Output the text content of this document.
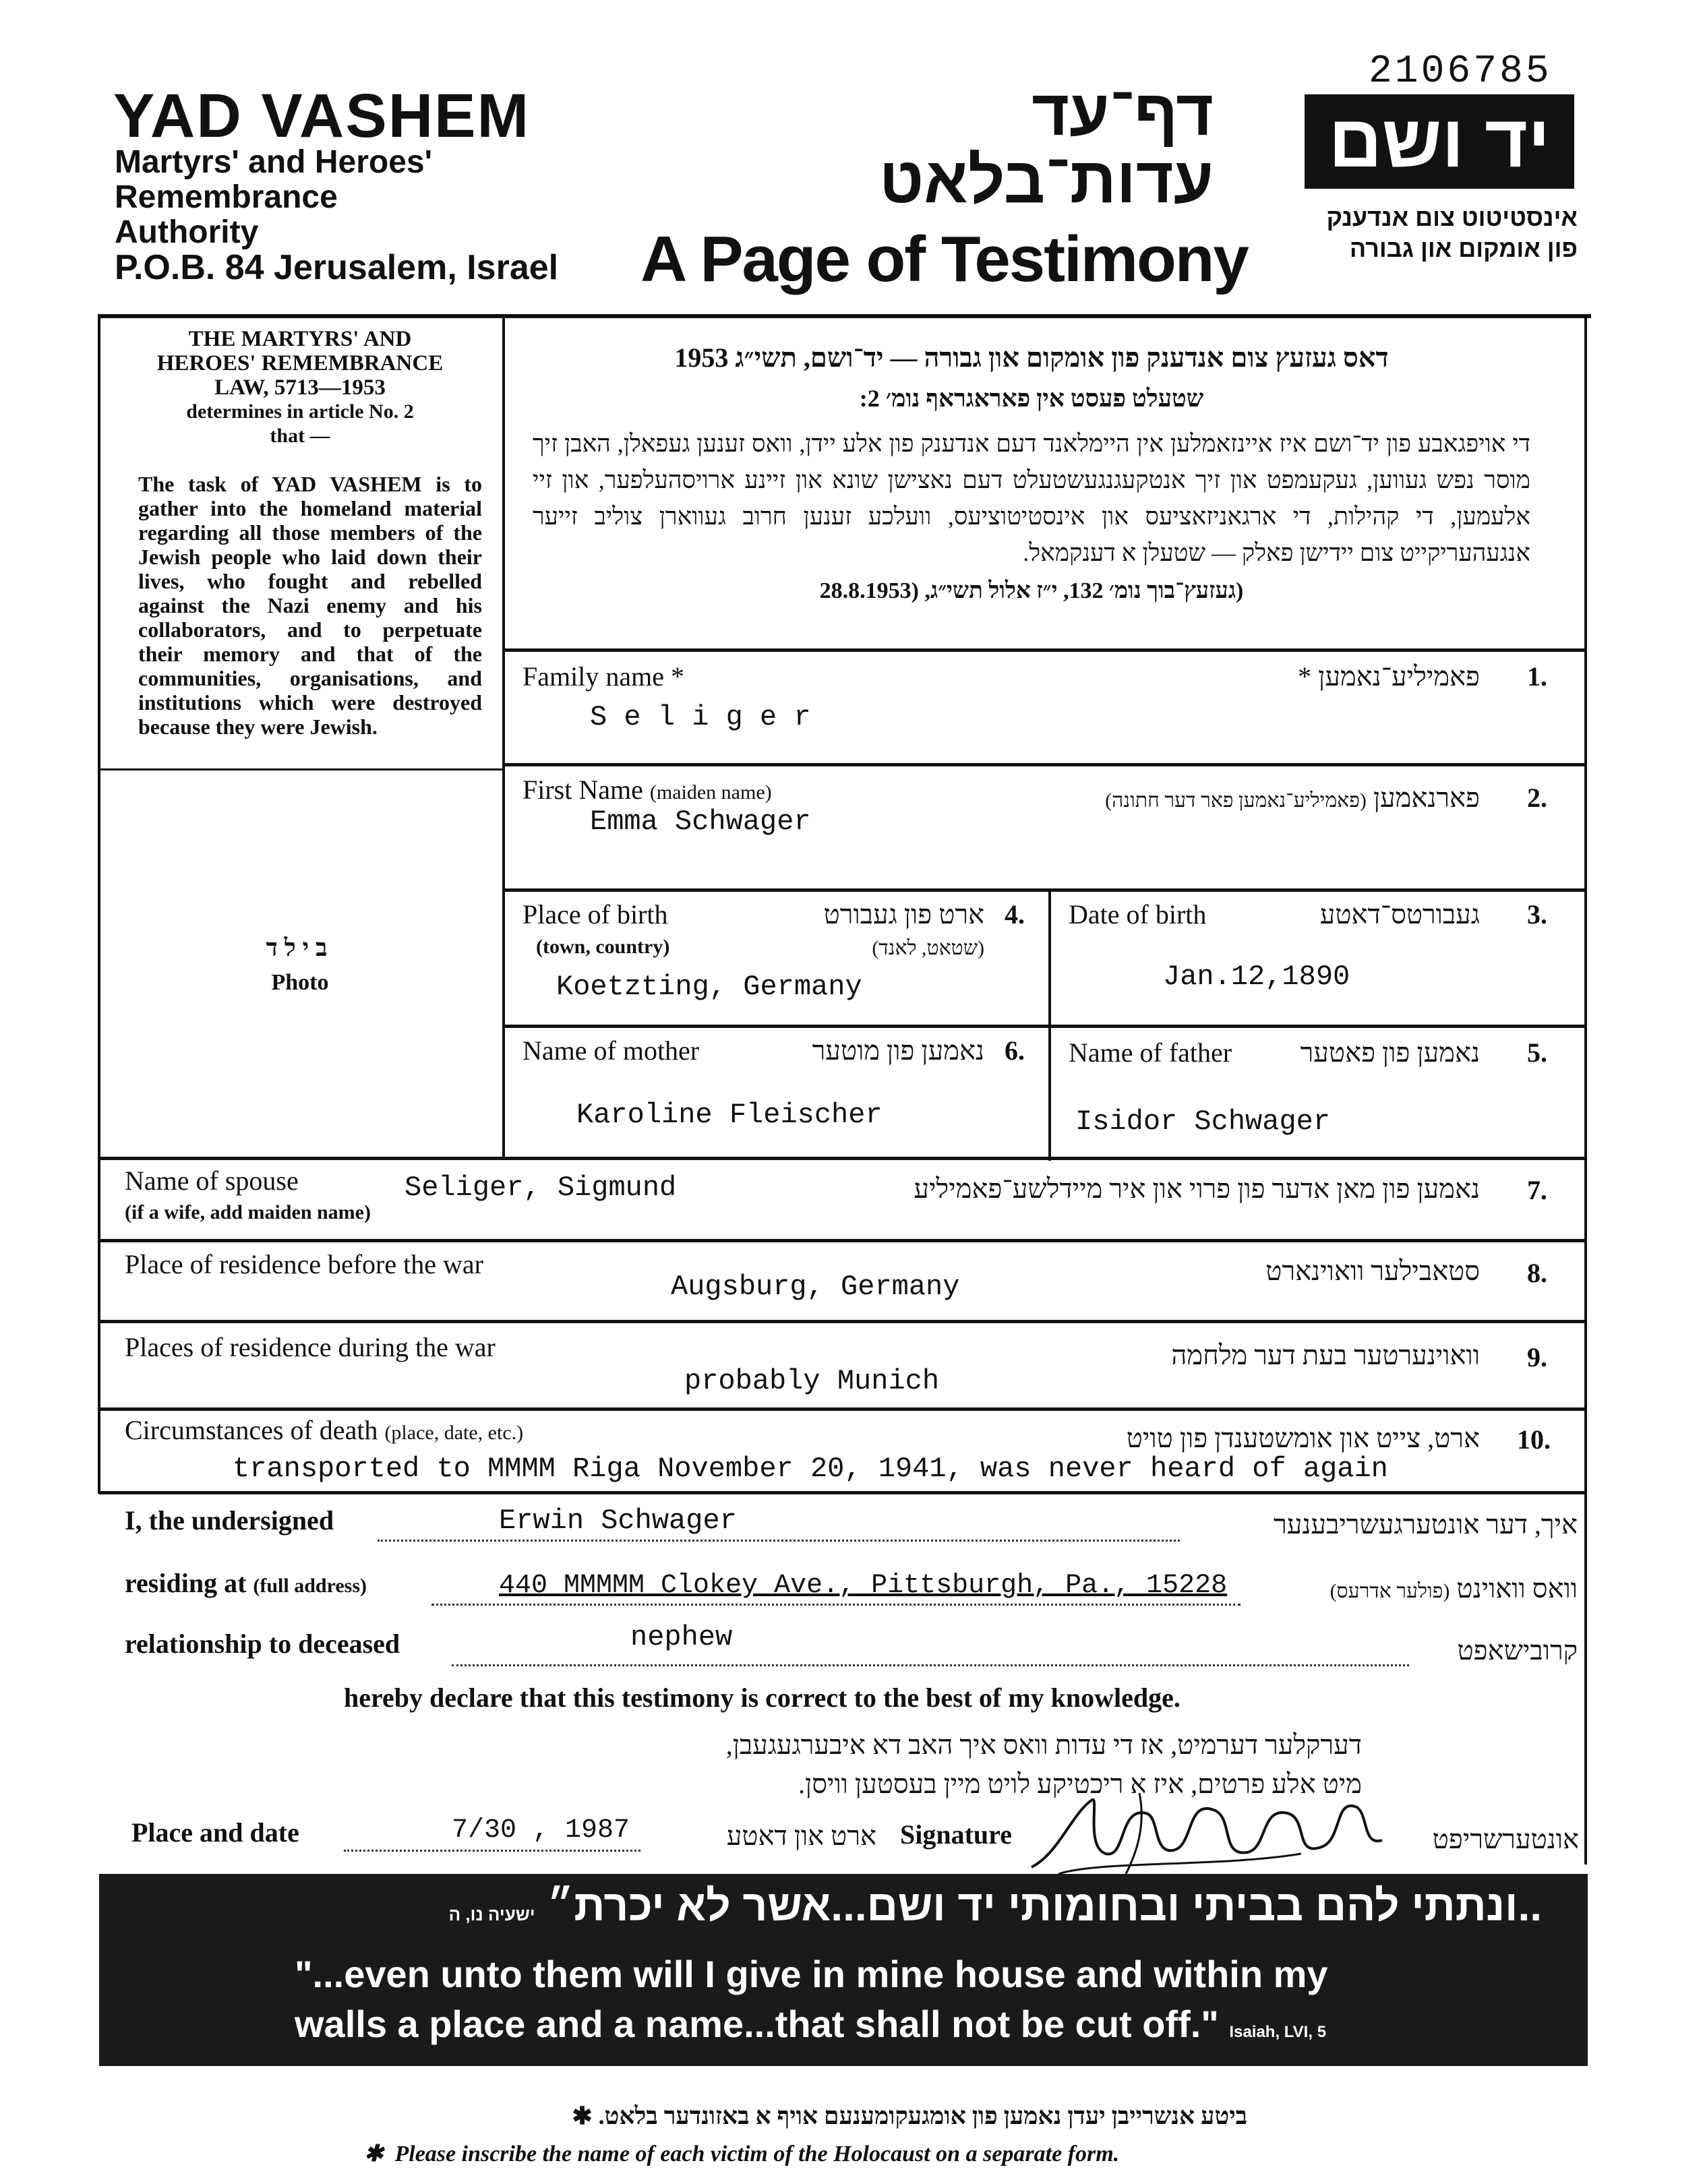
2106785
YAD VASHEM
Martyrs' and Heroes'
Remembrance
Authority
P.O.B. 84 Jerusalem, Israel
דף־עד
עדות־בלאט
A Page of Testimony
יד ושם
אינסטיטוט צום אנדענק
פון אומקום און גבורה
THE MARTYRS' AND
HEROES' REMEMBRANCE
LAW, 5713—1953
determines in article No. 2
that —
The task of YAD VASHEM is to gather into the homeland material regarding all those members of the Jewish people who laid down their lives, who fought and rebelled against the Nazi enemy and his collaborators, and to perpetuate their memory and that of the communities, organisations, and institutions which were destroyed because they were Jewish.
בילד
Photo
דאס געזעץ צום אנדענק פון אומקום און גבורה — יד־ושם, תשי״ג 1953
שטעלט פעסט אין פאראגראף נומ׳ 2:
די אויפגאבע פון יד־ושם איז איינזאמלען אין היימלאנד דעם אנדענק פון אלע יידן, וואס זענען געפאלן, האבן זיך מוסר נפש געווען, געקעמפט און זיך אנטקעגנגעשטעלט דעם נאצישן שונא און זיינע ארויסהעלפער, און זיי אלעמען, די קהילות, די ארגאניזאציעס און אינסטיטוציעס, וועלכע זענען חרוב געווארן צוליב זייער אנגעהעריקייט צום יידישן פאלק — שטעלן א דענקמאל.
(געזעץ־בוך נומ׳ 132, י״ז אלול תשי״ג, (28.8.1953
Family name *	פאמיליע־נאמען * 1.
S e l i g e r
First Name (maiden name)	פארנאמען (פאמיליע־נאמען פאר דער חתונה)	2.
Emma Schwager
Place of birth	ארט פון געבורט 4.
(town, country)	(שטאט, לאנד)
Koetzting, Germany
Date of birth	געבורטס־דאטע 3.
Jan.12,1890
Name of mother	נאמען פון מוטער 6.
Karoline Fleischer
Name of father	נאמען פון פאטער 5.
Isidor Schwager
Name of spouse
(if a wife, add maiden name)
נאמען פון מאן אדער פון פרוי און איר מיידלשע־פאמיליע 7.
Seliger, Sigmund
Place of residence before the war	סטאבילער וואוינארט 8.
Augsburg, Germany
Places of residence during the war	וואוינערטער בעת דער מלחמה 9.
probably Munich
Circumstances of death (place, date, etc.)	ארט, צייט און אומשטענדן פון טויט 10.
transported to MMMM Riga November 20, 1941, was never heard of again
I, the undersigned	Erwin Schwager	איך, דער אונטערגעשריבענער
residing at (full address)	440 MMMMM Clokey Ave., Pittsburgh, Pa., 15228	וואס וואוינט (פולער אדרעס)
relationship to deceased	nephew	קרובישאפט
hereby declare that this testimony is correct to the best of my knowledge.
דערקלער דערמיט, אז די עדות וואס איך האב דא איבערגעגעבן,
מיט אלע פרטים, איז א ריכטיקע לויט מיין בעסטען וויסן.
Place and date	7/30 , 1987	ארט און דאטע Signature	אונטערשריפט
..ונתתי להם בביתי ובחומותי יד ושם...אשר לא יכרת״ ישעיה נו, ה
"...even unto them will I give in mine house and within my
walls a place and a name...that shall not be cut off." Isaiah, LVI, 5
ביטע אנשרייבן יעדן נאמען פון אומגעקומענעם אויף א באזונדער בלאט. ✱
✱  Please inscribe the name of each victim of the Holocaust on a separate form.
